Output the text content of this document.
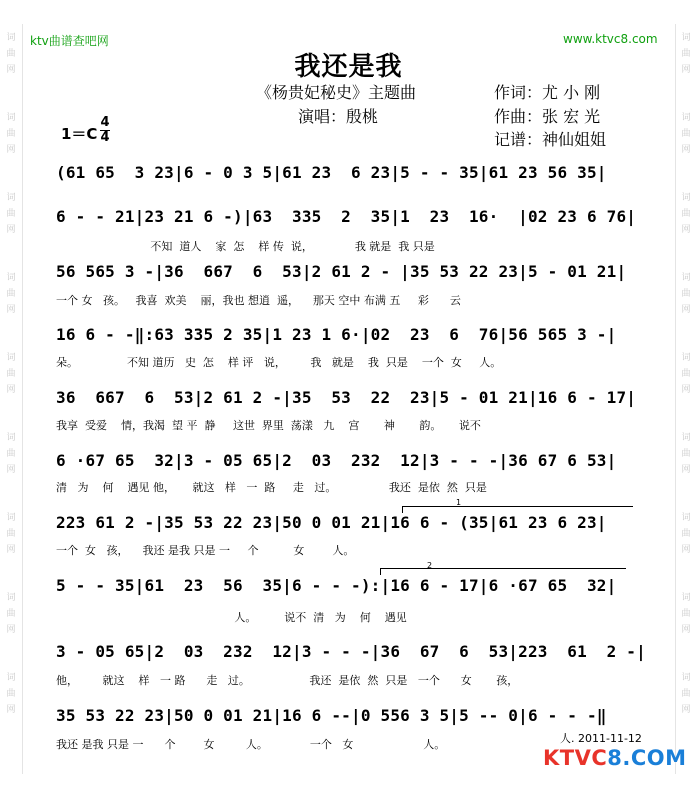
词曲网
词曲网
词曲网
词曲网
词曲网
词曲网
词曲网
词曲网
词曲网
词曲网
词曲网
词曲网
词曲网
词曲网
词曲网
词曲网
词曲网
词曲网
ktv曲谱查吧网	www.ktvc8.com
我还是我
《杨贵妃秘史》主题曲
演唱：殷桃
作词：尤 小 刚
作曲：张 宏 光
记谱：神仙姐姐
1＝C
4
4
(61 65  3 23|6 - 0 3 5|61 23  6 23|5 - - 35|61 23 56 35|
6 - - 21|23 21 6 -)|63  335  2  35|1  23  16·  |02 23 6 76|
不知  道人    家  怎    样 传  说，            我 就是  我 只是
56 565 3 -|36  667  6  53|2 61 2 - |35 53 22 23|5 - 01 21|
一个 女   孩。   我喜  欢美    丽，我也 想逍  遥，    那天 空中 布满 五     彩      云
16 6 - -‖:63 335 2 35|1 23 1 6·|02  23  6  76|56 565 3 -|
朵。              不知 道历   史  怎    样 评   说，       我   就是    我  只是    一个  女     人。
36  667  6  53|2 61 2 -|35  53  22  23|5 - 01 21|16 6 - 17|
我享  受爱    情，我渴  望 平  静     这世  界里  荡漾   九    宫       神       韵。     说不
6 ·67 65  32|3 - 05 65|2  03  232  12|3 - - -|36 67 6 53|
清   为    何    遇见 他，     就这   样   一  路     走   过。               我还  是依  然  只是
1
223 61 2 -|35 53 22 23|50 0 01 21|16 6 - (35|61 23 6 23|
一个  女   孩，    我还 是我 只是 一     个          女        人。
2
5 - - 35|61  23  56  35|6 - - -):|16 6 - 17|6 ·67 65  32|
人。        说不  清   为    何    遇见
3 - 05 65|2  03  232  12|3 - - -|36  67  6  53|223  61  2 -|
他，       就这    样   一 路      走   过。                 我还  是依  然  只是   一个      女       孩，
35 53 22 23|50 0 01 21|16 6 --|0 556 3 5|5 -- 0|6 - - -‖
我还 是我 只是 一      个        女         人。            一个   女                    人。	人. 2011-11-12
KTVC8.COM
